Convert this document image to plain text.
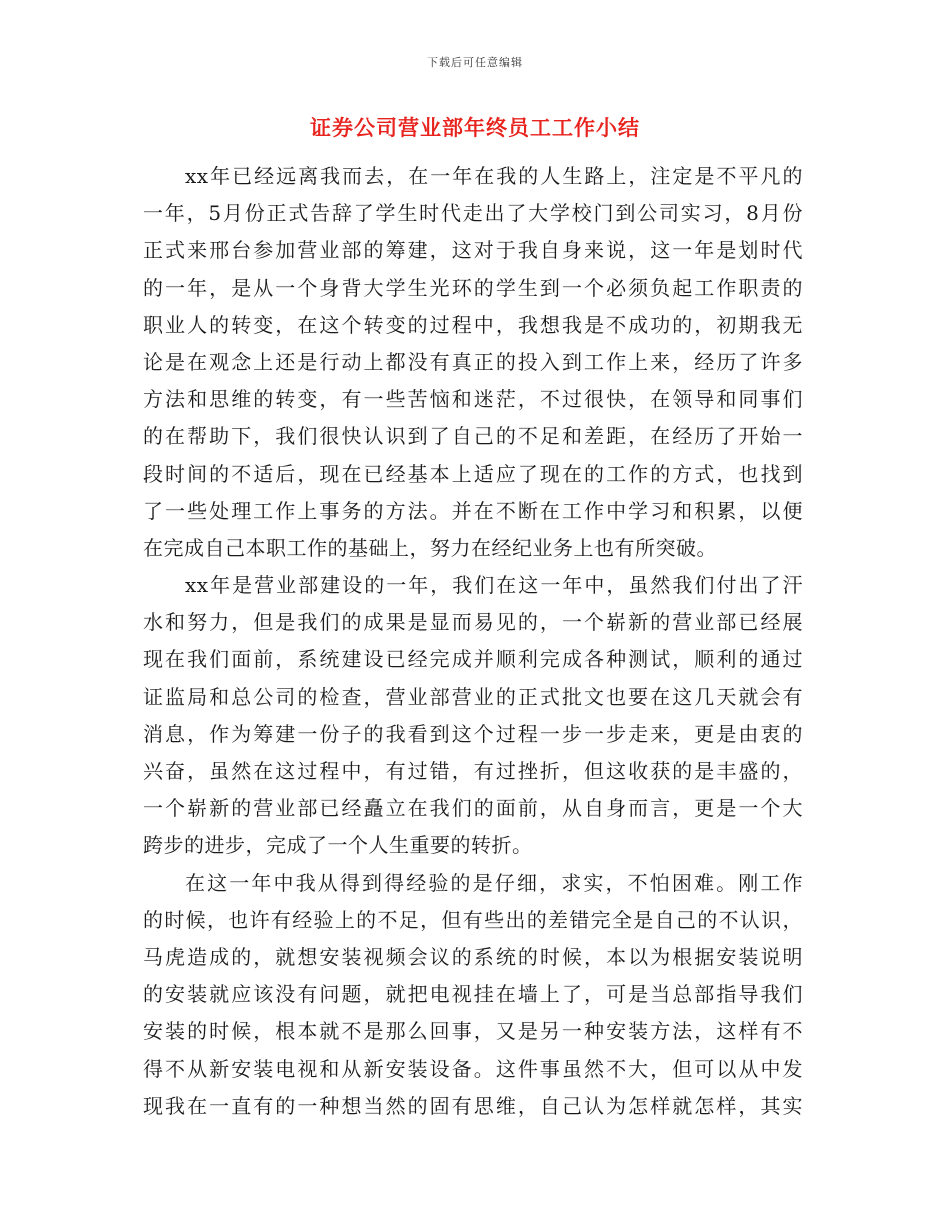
下载后可任意编辑
证券公司营业部年终员工工作小结
xx年已经远离我而去，在一年在我的人生路上，注定是不平凡的
一年，5月份正式告辞了学生时代走出了大学校门到公司实习，8月份
正式来邢台参加营业部的筹建，这对于我自身来说，这一年是划时代
的一年，是从一个身背大学生光环的学生到一个必须负起工作职责的
职业人的转变，在这个转变的过程中，我想我是不成功的，初期我无
论是在观念上还是行动上都没有真正的投入到工作上来，经历了许多
方法和思维的转变，有一些苦恼和迷茫，不过很快，在领导和同事们
的在帮助下，我们很快认识到了自己的不足和差距，在经历了开始一
段时间的不适后，现在已经基本上适应了现在的工作的方式，也找到
了一些处理工作上事务的方法。并在不断在工作中学习和积累，以便
在完成自己本职工作的基础上，努力在经纪业务上也有所突破。
xx年是营业部建设的一年，我们在这一年中，虽然我们付出了汗
水和努力，但是我们的成果是显而易见的，一个崭新的营业部已经展
现在我们面前，系统建设已经完成并顺利完成各种测试，顺利的通过
证监局和总公司的检查，营业部营业的正式批文也要在这几天就会有
消息，作为筹建一份子的我看到这个过程一步一步走来，更是由衷的
兴奋，虽然在这过程中，有过错，有过挫折，但这收获的是丰盛的，
一个崭新的营业部已经矗立在我们的面前，从自身而言，更是一个大
跨步的进步，完成了一个人生重要的转折。
在这一年中我从得到得经验的是仔细，求实，不怕困难。刚工作
的时候，也许有经验上的不足，但有些出的差错完全是自己的不认识，
马虎造成的，就想安装视频会议的系统的时候，本以为根据安装说明
的安装就应该没有问题，就把电视挂在墙上了，可是当总部指导我们
安装的时候，根本就不是那么回事，又是另一种安装方法，这样有不
得不从新安装电视和从新安装设备。这件事虽然不大，但可以从中发
现我在一直有的一种想当然的固有思维，自己认为怎样就怎样，其实
